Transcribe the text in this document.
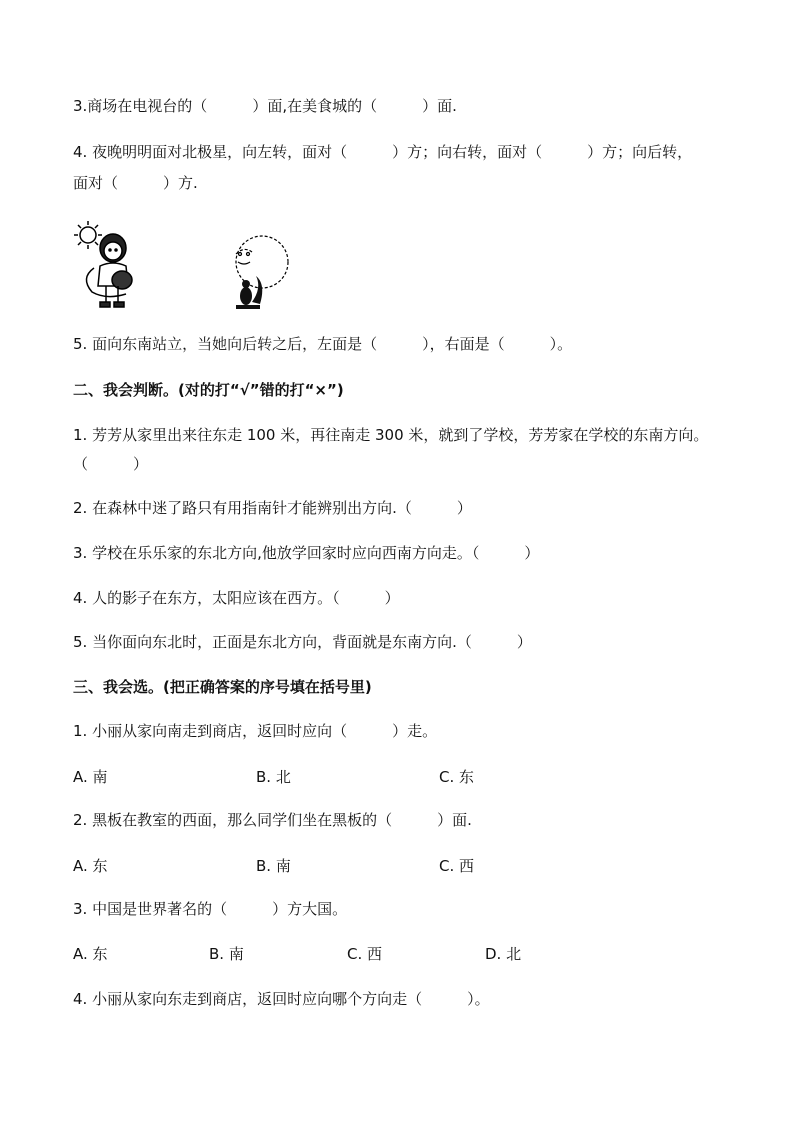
3.商场在电视台的（　　　）面,在美食城的（　　　）面.
4. 夜晚明明面对北极星，向左转，面对（　　　）方；向右转，面对（　　　）方；向后转，
面对（　　　）方.
5. 面向东南站立，当她向后转之后，左面是（　　　），右面是（　　　）。
二、我会判断。(对的打“√”错的打“×”)
1. 芳芳从家里出来往东走 100 米，再往南走 300 米，就到了学校，芳芳家在学校的东南方向。
（　　　）
2. 在森林中迷了路只有用指南针才能辨别出方向.（　　　）
3. 学校在乐乐家的东北方向,他放学回家时应向西南方向走。（　　　）
4. 人的影子在东方，太阳应该在西方。（　　　）
5. 当你面向东北时，正面是东北方向，背面就是东南方向.（　　　）
三、我会选。(把正确答案的序号填在括号里)
1. 小丽从家向南走到商店，返回时应向（　　　）走。
A. 南	B. 北	C. 东
2. 黑板在教室的西面，那么同学们坐在黑板的（　　　）面.
A. 东	B. 南	C. 西
3. 中国是世界著名的（　　　）方大国。
A. 东	B. 南	C. 西	D. 北
4. 小丽从家向东走到商店，返回时应向哪个方向走（　　　）。
